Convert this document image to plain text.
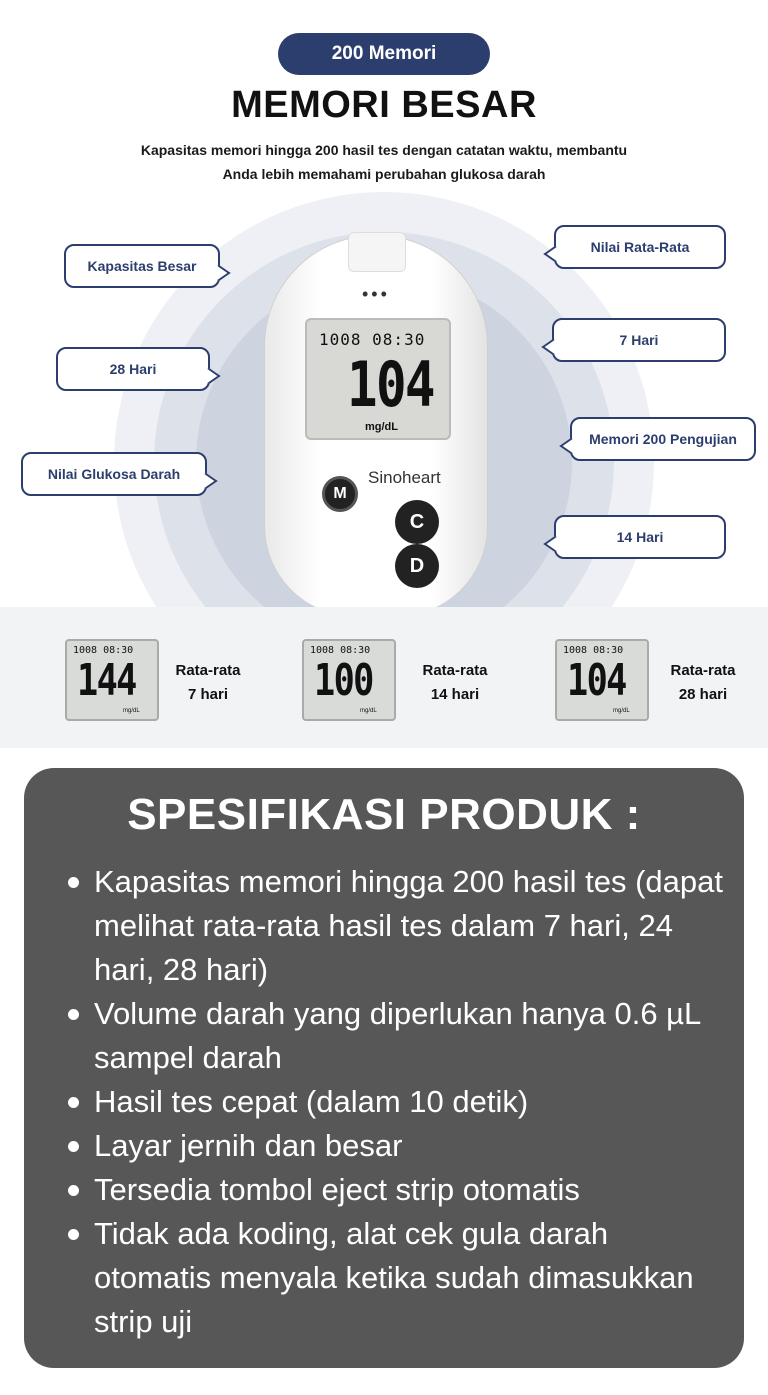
200 Memori
MEMORI BESAR
Kapasitas memori hingga 200 hasil tes dengan catatan waktu, membantu
Anda lebih memahami perubahan glukosa darah
Kapasitas Besar
28 Hari
Nilai Glukosa Darah
Nilai Rata-Rata
7 Hari
Memori 200 Pengujian
14 Hari
•••
1008 08:30
104
mg/dL
Sinoheart
M
C
D
1008 08:30
144
mg/dL
Rata-rata
7 hari
1008 08:30
100
mg/dL
Rata-rata
14 hari
1008 08:30
104
mg/dL
Rata-rata
28 hari
SPESIFIKASI PRODUK :
Kapasitas memori hingga 200 hasil tes (dapat melihat rata-rata hasil tes dalam 7 hari, 24 hari, 28 hari)
Volume darah yang diperlukan hanya 0.6 µL sampel darah
Hasil tes cepat (dalam 10 detik)
Layar jernih dan besar
Tersedia tombol eject strip otomatis
Tidak ada koding, alat cek gula darah otomatis menyala ketika sudah dimasukkan strip uji
